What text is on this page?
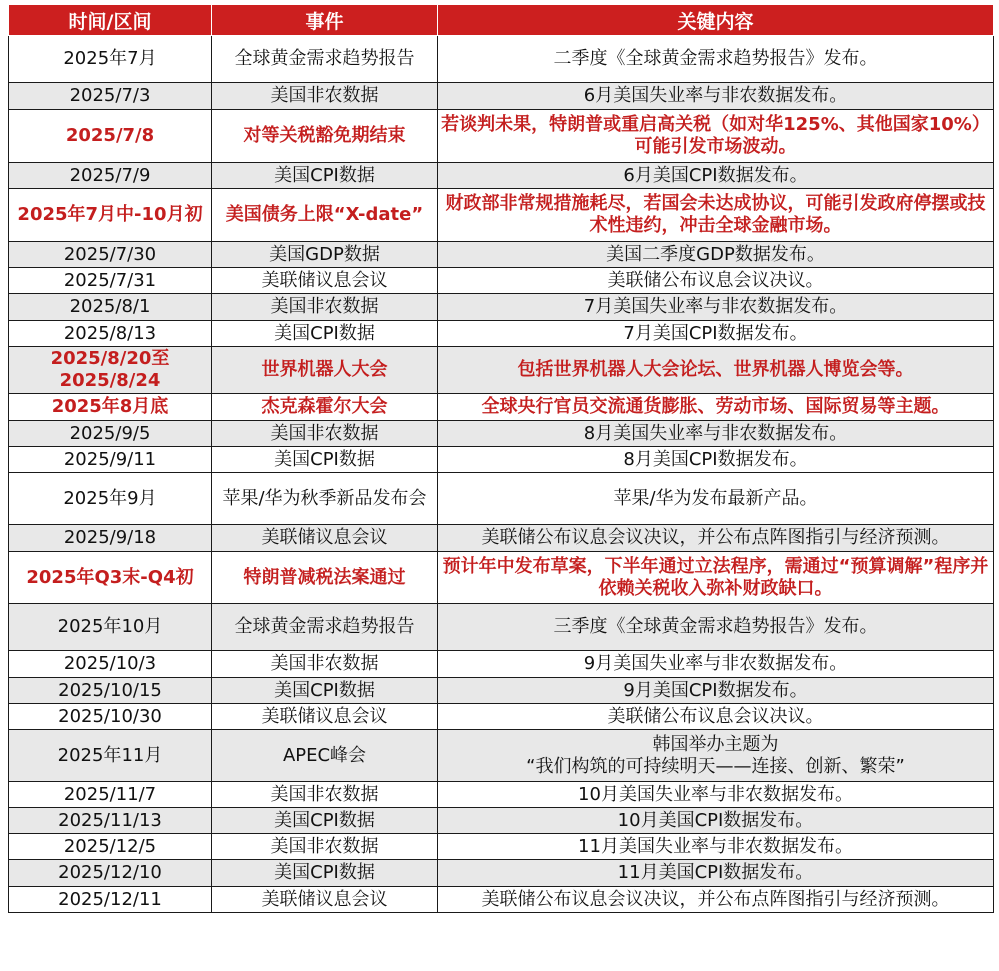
时间/区间	事件	关键内容
2025年7月	全球黄金需求趋势报告	二季度《全球黄金需求趋势报告》发布。
2025/7/3	美国非农数据	6月美国失业率与非农数据发布。
2025/7/8	对等关税豁免期结束	若谈判未果，特朗普或重启高关税（如对华125%、其他国家10%）可能引发市场波动。
2025/7/9	美国CPI数据	6月美国CPI数据发布。
2025年7月中-10月初	美国债务上限“X-date”	财政部非常规措施耗尽，若国会未达成协议，可能引发政府停摆或技术性违约，冲击全球金融市场。
2025/7/30	美国GDP数据	美国二季度GDP数据发布。
2025/7/31	美联储议息会议	美联储公布议息会议决议。
2025/8/1	美国非农数据	7月美国失业率与非农数据发布。
2025/8/13	美国CPI数据	7月美国CPI数据发布。
2025/8/20至
2025/8/24	世界机器人大会	包括世界机器人大会论坛、世界机器人博览会等。
2025年8月底	杰克森霍尔大会	全球央行官员交流通货膨胀、劳动市场、国际贸易等主题。
2025/9/5	美国非农数据	8月美国失业率与非农数据发布。
2025/9/11	美国CPI数据	8月美国CPI数据发布。
2025年9月	苹果/华为秋季新品发布会	苹果/华为发布最新产品。
2025/9/18	美联储议息会议	美联储公布议息会议决议，并公布点阵图指引与经济预测。
2025年Q3末-Q4初	特朗普减税法案通过	预计年中发布草案，下半年通过立法程序，需通过“预算调解”程序并依赖关税收入弥补财政缺口。
2025年10月	全球黄金需求趋势报告	三季度《全球黄金需求趋势报告》发布。
2025/10/3	美国非农数据	9月美国失业率与非农数据发布。
2025/10/15	美国CPI数据	9月美国CPI数据发布。
2025/10/30	美联储议息会议	美联储公布议息会议决议。
2025年11月	APEC峰会	韩国举办主题为
“我们构筑的可持续明天——连接、创新、繁荣”
2025/11/7	美国非农数据	10月美国失业率与非农数据发布。
2025/11/13	美国CPI数据	10月美国CPI数据发布。
2025/12/5	美国非农数据	11月美国失业率与非农数据发布。
2025/12/10	美国CPI数据	11月美国CPI数据发布。
2025/12/11	美联储议息会议	美联储公布议息会议决议，并公布点阵图指引与经济预测。
